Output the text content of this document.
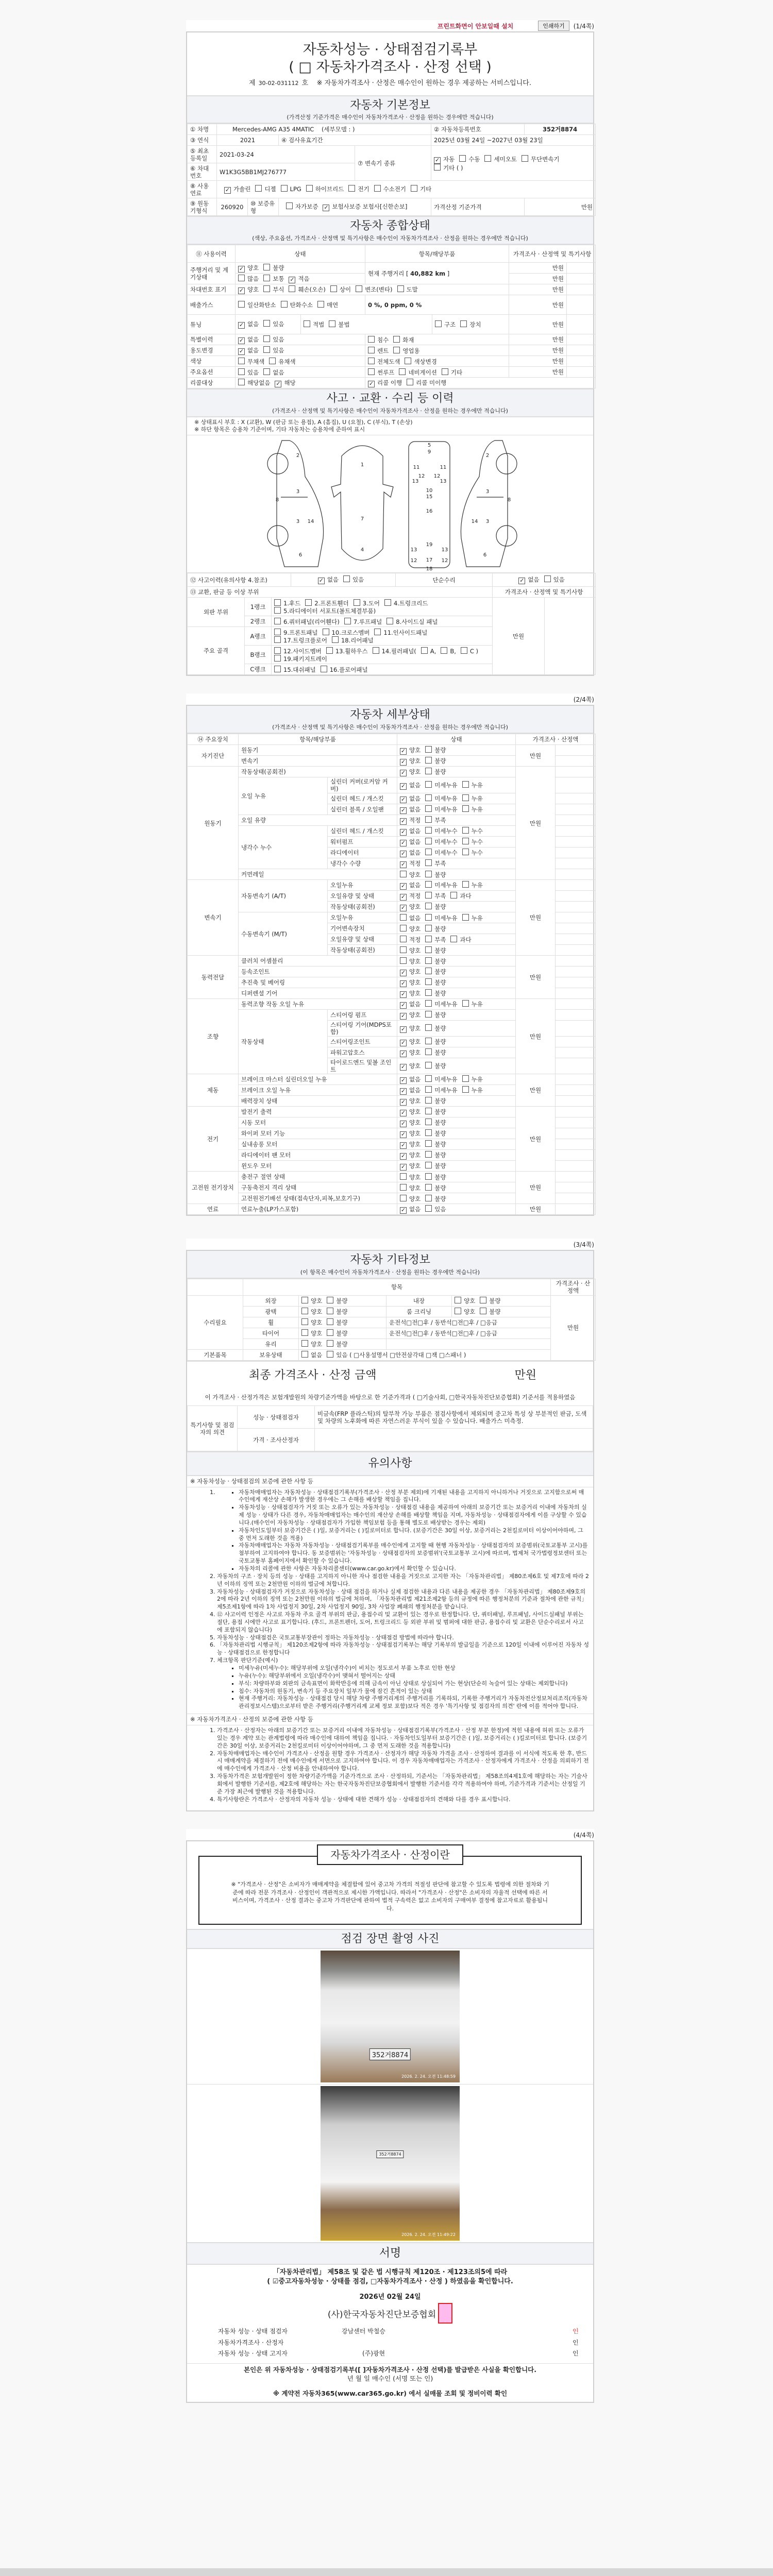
프린트화면이 안보일때 설치	인쇄하기	(1/4쪽)
자동차성능 · 상태점검기록부
( □ 자동차가격조사 · 산정 선택 )
제 30-02-031112 호 ※ 자동차가격조사 · 산정은 매수인이 원하는 경우 제공하는 서비스입니다.
자동차 기본정보
(가격산정 기준가격은 매수인이 자동차가격조사 · 산정을 원하는 경우에만 적습니다)
① 차명	Mercedes-AMG A35 4MATIC (세부모델 : )				② 자동차등록번호	352거8874
③ 연식	2021		④ 검사유효기간		2025년 03월 24일 ~2027년 03월 23일	
⑤ 최초등록일	2021-03-24			⑦ 변속기 종류	✓ 자동 수동 세미오토 무단변속기기타 ( )	
⑥ 차대번호	W1K3G5BB1MJ276777					
⑧ 사용연료	✓ 가솔린 디젤 LPG 하이브리드 전기 수소전기 기타					
⑨ 원동기형식	260920	⑩ 보증유형	자가보증 ✓ 보험사보증 보험사[신한손보]		가격산정 기준가격	만원
자동차 종합상태
(색상, 주요옵션, 가격조사 · 산정액 및 특기사항은 매수인이 자동차가격조사 · 산정을 원하는 경우에만 적습니다)
⑪ 사용이력	상태		항목/해당부품		가격조사 · 산정액 및 특기사항	
주행거리 및 계기상태	✓ 양호 불량		현재 주행거리 [ 40,882 km ]		만원	
	많음 보통 ✓ 적음				만원	
차대번호 표기	✓ 양호 부식 훼손(오손) 상이 변조(변타) 도말				만원	
배출가스	일산화탄소 탄화수소 매연		0 %, 0 ppm, 0 %		만원	
튜닝	✓ 없음 있음	적법 불법		구조 장치	만원	
특별이력	✓ 없음 있음		침수 화재		만원	
용도변경	✓ 없음 있음		렌트 영업용		만원	
색상	무채색 유채색		전체도색 색상변경		만원	
주요옵션	있음 없음		썬루프 네비게이션 기타		만원	
리콜대상	해당없음 ✓ 해당		✓ 리콜 이행 리콜 미이행			
사고 · 교환 · 수리 등 이력
(가격조사 · 산정액 및 특기사항은 매수인이 자동차가격조사 · 산정을 원하는 경우에만 적습니다)
※ 상태표시 부호 : X (교환), W (판금 또는 용접), A (흠집), U (요철), C (부식), T (손상)
※ 하단 항목은 승용차 기준이며, 기타 자동차는 승용차에 준하여 표시
2
3
8
14
3
6
1
7
4
5
9
11
12
13
12
11
13
10
15
16
19
13	13
17
12	12
18
2
3
8
14 3
6
⑫ 사고이력(유의사항 4.참조)			✓ 없음 있음	단순수리	✓ 없음 있음	
⑬ 교환, 판금 등 이상 부위					가격조사 · 산정액 및 특기사항	
외판 부위	1랭크	1.후드 2.프론트휀더 3.도어 4.트렁크리드5.라디에이터 서포트(볼트체결부품)			만원	
	2랭크	6.쿼터패널(리어휀다) 7.루프패널 8.사이드실 패널				
주요 골격	A랭크	9.프론트패널 10.크로스멤버 11.인사이드패널17.트렁크플로어 18.리어패널				
	B랭크	12.사이드멤버 13.휠하우스 14.필러패널( A, B, C )19.패키지트레이				
	C랭크	15.대쉬패널 16.플로어패널				
(2/4쪽)
자동차 세부상태
(가격조사 · 산정액 및 특기사항은 매수인이 자동차가격조사 · 산정을 원하는 경우에만 적습니다)
⑭ 주요장치	항목/해당부품		상태	가격조사 · 산정액	
자기진단	원동기		✓ 양호 불량	만원	
	변속기		✓ 양호 불량		
원동기	작동상태(공회전)		✓ 양호 불량	만원	
	오일 누유	실린더 커버(로커암 커버)	✓ 없음 미세누유 누유		
		실린더 헤드 / 개스킷	✓ 없음 미세누유 누유		
		실린더 블록 / 오일팬	✓ 없음 미세누유 누유		
	오일 유량		✓ 적정 부족		
	냉각수 누수	실린더 헤드 / 개스킷	✓ 없음 미세누수 누수		
		워터펌프	✓ 없음 미세누수 누수		
		라디에이터	✓ 없음 미세누수 누수		
		냉각수 수량	✓ 적정 부족		
	커먼레일		양호 불량		
변속기	자동변속기 (A/T)	오일누유	✓ 없음 미세누유 누유	만원	
		오일유량 및 상태	✓ 적정 부족 과다		
		작동상태(공회전)	✓ 양호 불량		
	수동변속기 (M/T)	오일누유	없음 미세누유 누유		
		기어변속장치	양호 불량		
		오일유량 및 상태	적정 부족 과다		
		작동상태(공회전)	양호 불량		
동력전달	클러치 어셈블리		양호 불량	만원	
	등속조인트		✓ 양호 불량		
	추진축 및 베어링		✓ 양호 불량		
	디퍼렌셜 기어		✓ 양호 불량		
조향	동력조향 작동 오일 누유		✓ 없음 미세누유 누유	만원	
	작동상태	스티어링 펌프	✓ 양호 불량		
		스티어링 기어(MDPS포함)	✓ 양호 불량		
		스티어링조인트	✓ 양호 불량		
		파워고압호스	✓ 양호 불량		
		타이로드엔드 및볼 조인트	✓ 양호 불량		
제동	브레이크 마스터 실린더오일 누유		✓ 없음 미세누유 누유	만원	
	브레이크 오일 누유		✓ 없음 미세누유 누유		
	배력장치 상태		✓ 양호 불량		
전기	발전기 출력		✓ 양호 불량	만원	
	시동 모터		✓ 양호 불량		
	와이퍼 모터 기능		✓ 양호 불량		
	실내송풍 모터		✓ 양호 불량		
	라디에이터 팬 모터		✓ 양호 불량		
	윈도우 모터		✓ 양호 불량		
고전원 전기장치	충전구 절연 상태		양호 불량	만원	
	구동축전지 격리 상태		양호 불량		
	고전원전기배선 상태(접속단자,피복,보호기구)		양호 불량		
연료	연료누출(LP가스포함)		✓ 없음 있음	만원	
(3/4쪽)
자동차 기타정보
(이 항목은 매수인이 자동차가격조사 · 산정을 원하는 경우에만 적습니다)
	항목				가격조사 · 산정액
수리필요	외장	양호 불량	내장	양호 불량	만원
	광택	양호 불량	룸 크리닝	양호 불량	
	휠	양호 불량	운전석□전□후 / 동반석□전□후 / □응급		
	타이어	양호 불량	운전석□전□후 / 동반석□전□후 / □응급		
	유리	양호 불량			
기본품목	보유상태	없음 있음 ( □사용설명서 □안전삼각대 □잭 □스패너 )			
최종 가격조사 · 산정 금액	만원
이 가격조사 · 산정가격은 보험개발원의 차량기준가액을 바탕으로 한 기준가격과 ( □기술사회, □한국자동차진단보증협회) 기준서를 적용하였음
특기사항 및 점검자의 의견	성능 · 상태점검자	비금속(FRP 플라스틱)의 탈부착 가능 부품은 점검사항에서 제외되며 중고차 특성 상 부분적인 판금, 도색 및 차량의 노후화에 따른 자연스러운 부식이 있을 수 있습니다. 배출가스 미측정.
	가격 · 조사산정자	
유의사항
※ 자동차성능 · 상태점검의 보증에 관한 사항 등
▪ 1. 자동차매매업자는 자동차성능 · 상태점검기록부(가격조사 · 산정 부분 제외)에 기재된 내용을 고지하지 아니하거나 거짓으로 고지함으로써 매수인에게 재산상 손해가 발생한 경우에는 그 손해를 배상할 책임을 집니다.
▪ 자동차성능 · 상태점검자가 거짓 또는 오류가 있는 자동차성능 · 상태점검 내용을 제공하여 아래의 보증기간 또는 보증거리 이내에 자동차의 실제 성능 · 상태가 다른 경우, 자동차매매업자는 매수인의 재산상 손해를 배상할 책임을 지며, 자동차성능 · 상태점검자에게 이를 구상할 수 있습니다.(매수인이 자동차성능 · 상태점검자가 가입한 책임보험 등을 통해 별도로 배상받는 경우는 제외)
▪ 자동차인도일부터 보증기간은 ( )일, 보증거리는 ( )킬로미터로 합니다. (보증기간은 30일 이상, 보증거리는 2천킬로미터 이상이어야하며, 그 중 먼저 도래한 것을 적용)
▪ 자동차매매업자는 자동차 자동차성능 · 상태점검기록부를 매수인에게 고지할 때 현행 자동차성능 · 상태점검자의 보증범위(국토교통부 고시)를 첨부하여 고지하여야 합니다. 동 보증범위는 '자동차성능 · 상태점검자의 보증범위'(국토교통부 고시)에 따르며, 법제처 국가법령정보센터 또는 국토교통부 홈페이지에서 확인할 수 있습니다.
▪ 자동차의 리콜에 관한 사항은 자동차리콜센터(www.car.go.kr)에서 확인할 수 있습니다.
2. 자동차의 구조 · 장치 등의 성능 · 상태를 고지하지 아니한 자나 점검한 내용을 거짓으로 고지한 자는 「자동차관리법」 제80조제6호 및 제7호에 따라 2년 이하의 징역 또는 2천만원 이하의 벌금에 처합니다.
3. 자동차성능 · 상태점검자가 거짓으로 자동차성능 · 상태 점검을 하거나 실제 점검한 내용과 다른 내용을 제공한 경우 「자동차관리법」 제80조제9호의2에 따라 2년 이하의 징역 또는 2천만원 이하의 벌금에 처하며, 「자동차관리법 제21조제2항 등의 규정에 따른 행정처분의 기준과 절차에 관한 규칙」 제5조제1항에 따라 1차 사업정지 30일, 2차 사업정지 90일, 3차 사업장 폐쇄의 행정처분을 받습니다.
4. ⑫ 사고이력 인정은 사고로 자동차 주요 골격 부위의 판금, 용접수리 및 교환이 있는 경우로 한정합니다. 단, 쿼터패널, 루프패널, 사이드실패널 부위는 절단, 용접 시에만 사고로 표기합니다. (후드, 프론트펜더, 도어, 트렁크리드 등 외판 부위 및 범퍼에 대한 판금, 용접수리 및 교환은 단순수리로서 사고에 포함되지 않습니다)
5. 자동차성능 · 상태점검은 국토교통부장관이 정하는 자동차성능 · 상태점검 방법에 따라야 합니다.
6. 「자동차관리법 시행규칙」 제120조제2항에 따라 자동차성능 · 상태점검기록부는 해당 기록부의 발급일을 기준으로 120일 이내에 이루어진 자동차 성능 · 상태점검으로 한정합니다
7. 체크항목 판단기준(예시)
▪ 미세누유(미세누수): 해당부위에 오일(냉각수)이 비치는 정도로서 부품 노후로 인한 현상
▪ 누유(누수): 해당부위에서 오일(냉각수)이 맺혀서 떨어지는 상태
▪ 부식: 차량하부와 외판의 금속표면이 화학반응에 의해 금속이 아닌 상태로 상실되어 가는 현상(단순히 녹슬어 있는 상태는 제외합니다)
▪ 침수: 자동차의 원동기, 변속기 등 주요장치 일부가 물에 잠긴 흔적이 있는 상태
▪ 현재 주행거리: 자동차성능 · 상태점검 당시 해당 차량 주행거리계의 주행거리를 기록하되, 기록한 주행거리가 자동차전산정보처리조직(자동차관리정보시스템)으로부터 받은 주행거리(주행거리계 교체 정보 포함)보다 적은 경우 '특기사항 및 점검자의 의견' 란에 이를 적어야 합니다.
※ 자동차가격조사 · 산정의 보증에 관한 사항 등
1. 가격조사 · 산정자는 아래의 보증기간 또는 보증거리 이내에 자동차성능 · 상태점검기록부(가격조사 · 산정 부분 한정)에 적힌 내용에 허위 또는 오류가 있는 경우 계약 또는 관계법령에 따라 매수인에 대하여 책임을 집니다. · 자동차인도일부터 보증기간은 ( )일, 보증거리는 ( )킬로미터로 합니다. (보증기간은 30일 이상, 보증거리는 2천킬로미터 이상이어야하며, 그 중 먼저 도래한 것을 적용합니다)
2. 자동차매매업자는 매수인이 가격조사 · 산정을 원할 경우 가격조사 · 산정자가 해당 자동차 가격을 조사 · 산정하여 결과를 이 서식에 적도록 한 후, 반드시 매매계약을 체결하기 전에 매수인에게 서면으로 고지하여야 합니다. 이 경우 자동차매매업자는 가격조사 · 산정자에게 가격조사 · 산정을 의뢰하기 전에 매수인에게 가격조사 · 산정 비용을 안내하여야 합니다.
3. 자동차가격은 보험개발원이 정한 차량기준가액을 기준가격으로 조사 · 산정하되, 기준서는 「자동차관리법」 제58조의4제1호에 해당하는 자는 기술사회에서 발행한 기준서를, 제2호에 해당하는 자는 한국자동차진단보증협회에서 발행한 기준서를 각각 적용하여야 하며, 기준가격과 기준서는 산정일 기준 가장 최근에 발행된 것을 적용합니다.
4. 특기사항란은 가격조사 · 산정자의 자동차 성능 · 상태에 대한 견해가 성능 · 상태점검자의 견해와 다를 경우 표시합니다.
(4/4쪽)
자동차가격조사 · 산정이란
※ "가격조사 · 산정"은 소비자가 매매계약을 체결함에 있어 중고차 가격의 적절성 판단에 참고할 수 있도록 법령에 의한 절차와 기준에 따라 전문 가격조사 · 산정인이 객관적으로 제시한 가액입니다. 따라서 "가격조사 · 산정"은 소비자의 자율적 선택에 따른 서비스이며, 가격조사 · 산정 결과는 중고차 가격판단에 관하여 법적 구속력은 없고 소비자의 구매여부 결정에 참고자료로 활용됩니다.
점검 장면 촬영 사진
352거8874
2026. 2. 24. 오전 11:48:59
352거8874
2026. 2. 24. 오전 11:49:22
서명
「자동차관리법」 제58조 및 같은 법 시행규칙 제120조 · 제123조의5에 따라
( ☑중고자동차성능 · 상태를 점검, □자동차가격조사 · 산정 ) 하였음을 확인합니다.
2026년 02월 24일
(사)한국자동차진단보증협회
자동차 성능 · 상태 점검자	강남센터 박철승	인
자동차가격조사 · 산정자	인
자동차 성능 · 상태 고지자	(주)광현	인
본인은 위 자동차성능 · 상태점검기록부([ ]자동차가격조사 · 산정 선택)를 발급받은 사실을 확인합니다.
년 월 일 매수인 (서명 또는 인)
※ 계약전 자동차365(www.car365.go.kr) 에서 실매물 조회 및 정비이력 확인
